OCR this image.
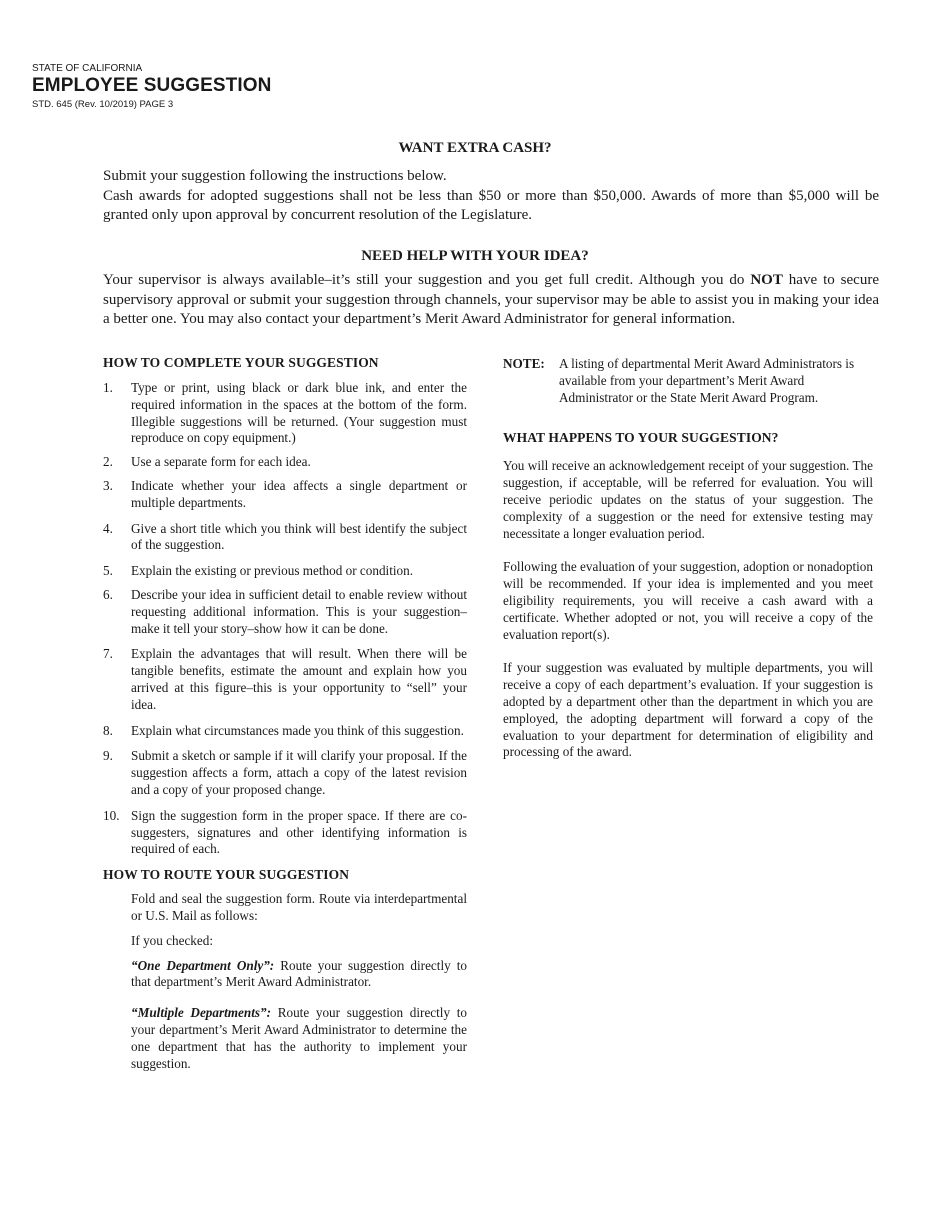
STATE OF CALIFORNIA
EMPLOYEE SUGGESTION
STD. 645 (Rev. 10/2019) PAGE 3
WANT EXTRA CASH?
Submit your suggestion following the instructions below.
Cash awards for adopted suggestions shall not be less than $50 or more than $50,000. Awards of more than $5,000 will be granted only upon approval by concurrent resolution of the Legislature.
NEED HELP WITH YOUR IDEA?
Your supervisor is always available–it’s still your suggestion and you get full credit. Although you do NOT have to secure supervisory approval or submit your suggestion through channels, your supervisor may be able to assist you in making your idea a better one. You may also contact your department’s Merit Award Administrator for general information.
HOW TO COMPLETE YOUR SUGGESTION
1.	Type or print, using black or dark blue ink, and enter the required information in the spaces at the bottom of the form. Illegible suggestions will be returned. (Your suggestion must reproduce on copy equipment.)
2.	Use a separate form for each idea.
3.	Indicate whether your idea affects a single department or multiple departments.
4.	Give a short title which you think will best identify the subject of the suggestion.
5.	Explain the existing or previous method or condition.
6.	Describe your idea in sufficient detail to enable review without requesting additional information. This is your suggestion–make it tell your story–show how it can be done.
7.	Explain the advantages that will result. When there will be tangible benefits, estimate the amount and explain how you arrived at this figure–this is your opportunity to “sell” your idea.
8.	Explain what circumstances made you think of this suggestion.
9.	Submit a sketch or sample if it will clarify your proposal. If the suggestion affects a form, attach a copy of the latest revision and a copy of your proposed change.
10. Sign the suggestion form in the proper space. If there are co-suggesters, signatures and other identifying information is required of each.
HOW TO ROUTE YOUR SUGGESTION
Fold and seal the suggestion form. Route via interdepartmental or U.S. Mail as follows:
If you checked:
“One Department Only”: Route your suggestion directly to that department’s Merit Award Administrator.
“Multiple Departments”: Route your suggestion directly to your department’s Merit Award Administrator to determine the one department that has the authority to implement your suggestion.
NOTE:	A listing of departmental Merit Award Administrators is available from your department’s Merit Award Administrator or the State Merit Award Program.
WHAT HAPPENS TO YOUR SUGGESTION?
You will receive an acknowledgement receipt of your suggestion. The suggestion, if acceptable, will be referred for evaluation. You will receive periodic updates on the status of your suggestion. The complexity of a suggestion or the need for extensive testing may necessitate a longer evaluation period.
Following the evaluation of your suggestion, adoption or nonadoption will be recommended. If your idea is implemented and you meet eligibility requirements, you will receive a cash award with a certificate. Whether adopted or not, you will receive a copy of the evaluation report(s).
If your suggestion was evaluated by multiple departments, you will receive a copy of each department’s evaluation. If your suggestion is adopted by a department other than the department in which you are employed, the adopting department will forward a copy of the evaluation to your department for determination of eligibility and processing of the award.
